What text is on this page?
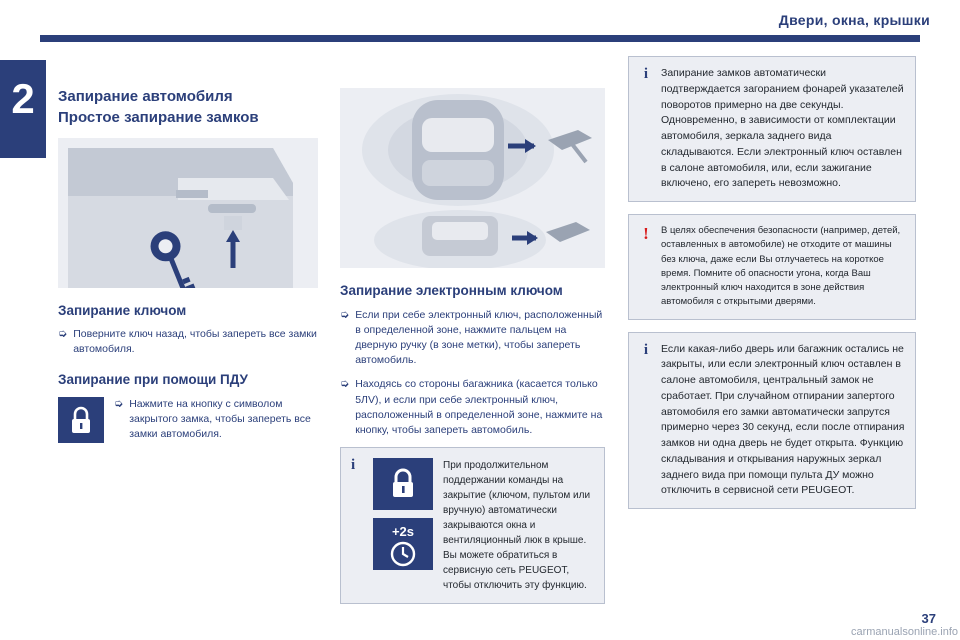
Двери, окна, крышки
2
37
carmanualsonline.info
Запирание автомобиля
Простое запирание замков
Запирание ключом
➭ Поверните ключ назад, чтобы запереть все замки автомобиля.
Запирание при помощи ПДУ
➭ Нажмите на кнопку с символом закрытого замка, чтобы запереть все замки автомобиля.
Запирание электронным ключом
➭ Если при себе электронный ключ, расположенный в определенной зоне, нажмите пальцем на дверную ручку (в зоне метки), чтобы запереть автомобиль.
➭ Находясь со стороны багажника (касается только 5ЛV), и если при себе электронный ключ, расположенный в определенной зоне, нажмите на кнопку, чтобы запереть автомобиль.
i
+2s
При продолжительном поддержании команды на закрытие (ключом, пультом или вручную) автоматически закрываются окна и вентиляционный люк в крыше. Вы можете обратиться в сервисную сеть PEUGEOT, чтобы отключить эту функцию.
i	Запирание замков автоматически подтверждается загоранием фонарей указателей поворотов примерно на две секунды. Одновременно, в зависимости от комплектации автомобиля, зеркала заднего вида складываются. Если электронный ключ оставлен в салоне автомобиля, или, если зажигание включено, его запереть невозможно.
!	В целях обеспечения безопасности (например, детей, оставленных в автомобиле) не отходите от машины без ключа, даже если Вы отлучаетесь на короткое время. Помните об опасности угона, когда Ваш электронный ключ находится в зоне действия автомобиля с открытыми дверями.
i	Если какая-либо дверь или багажник остались не закрыты, или если электронный ключ оставлен в салоне автомобиля, центральный замок не сработает. При случайном отпирании запертого автомобиля его замки автоматически запрутся примерно через 30 секунд, если после отпирания замков ни одна дверь не будет открыта. Функцию складывания и открывания наружных зеркал заднего вида при помощи пульта ДУ можно отключить в сервисной сети PEUGEOT.
